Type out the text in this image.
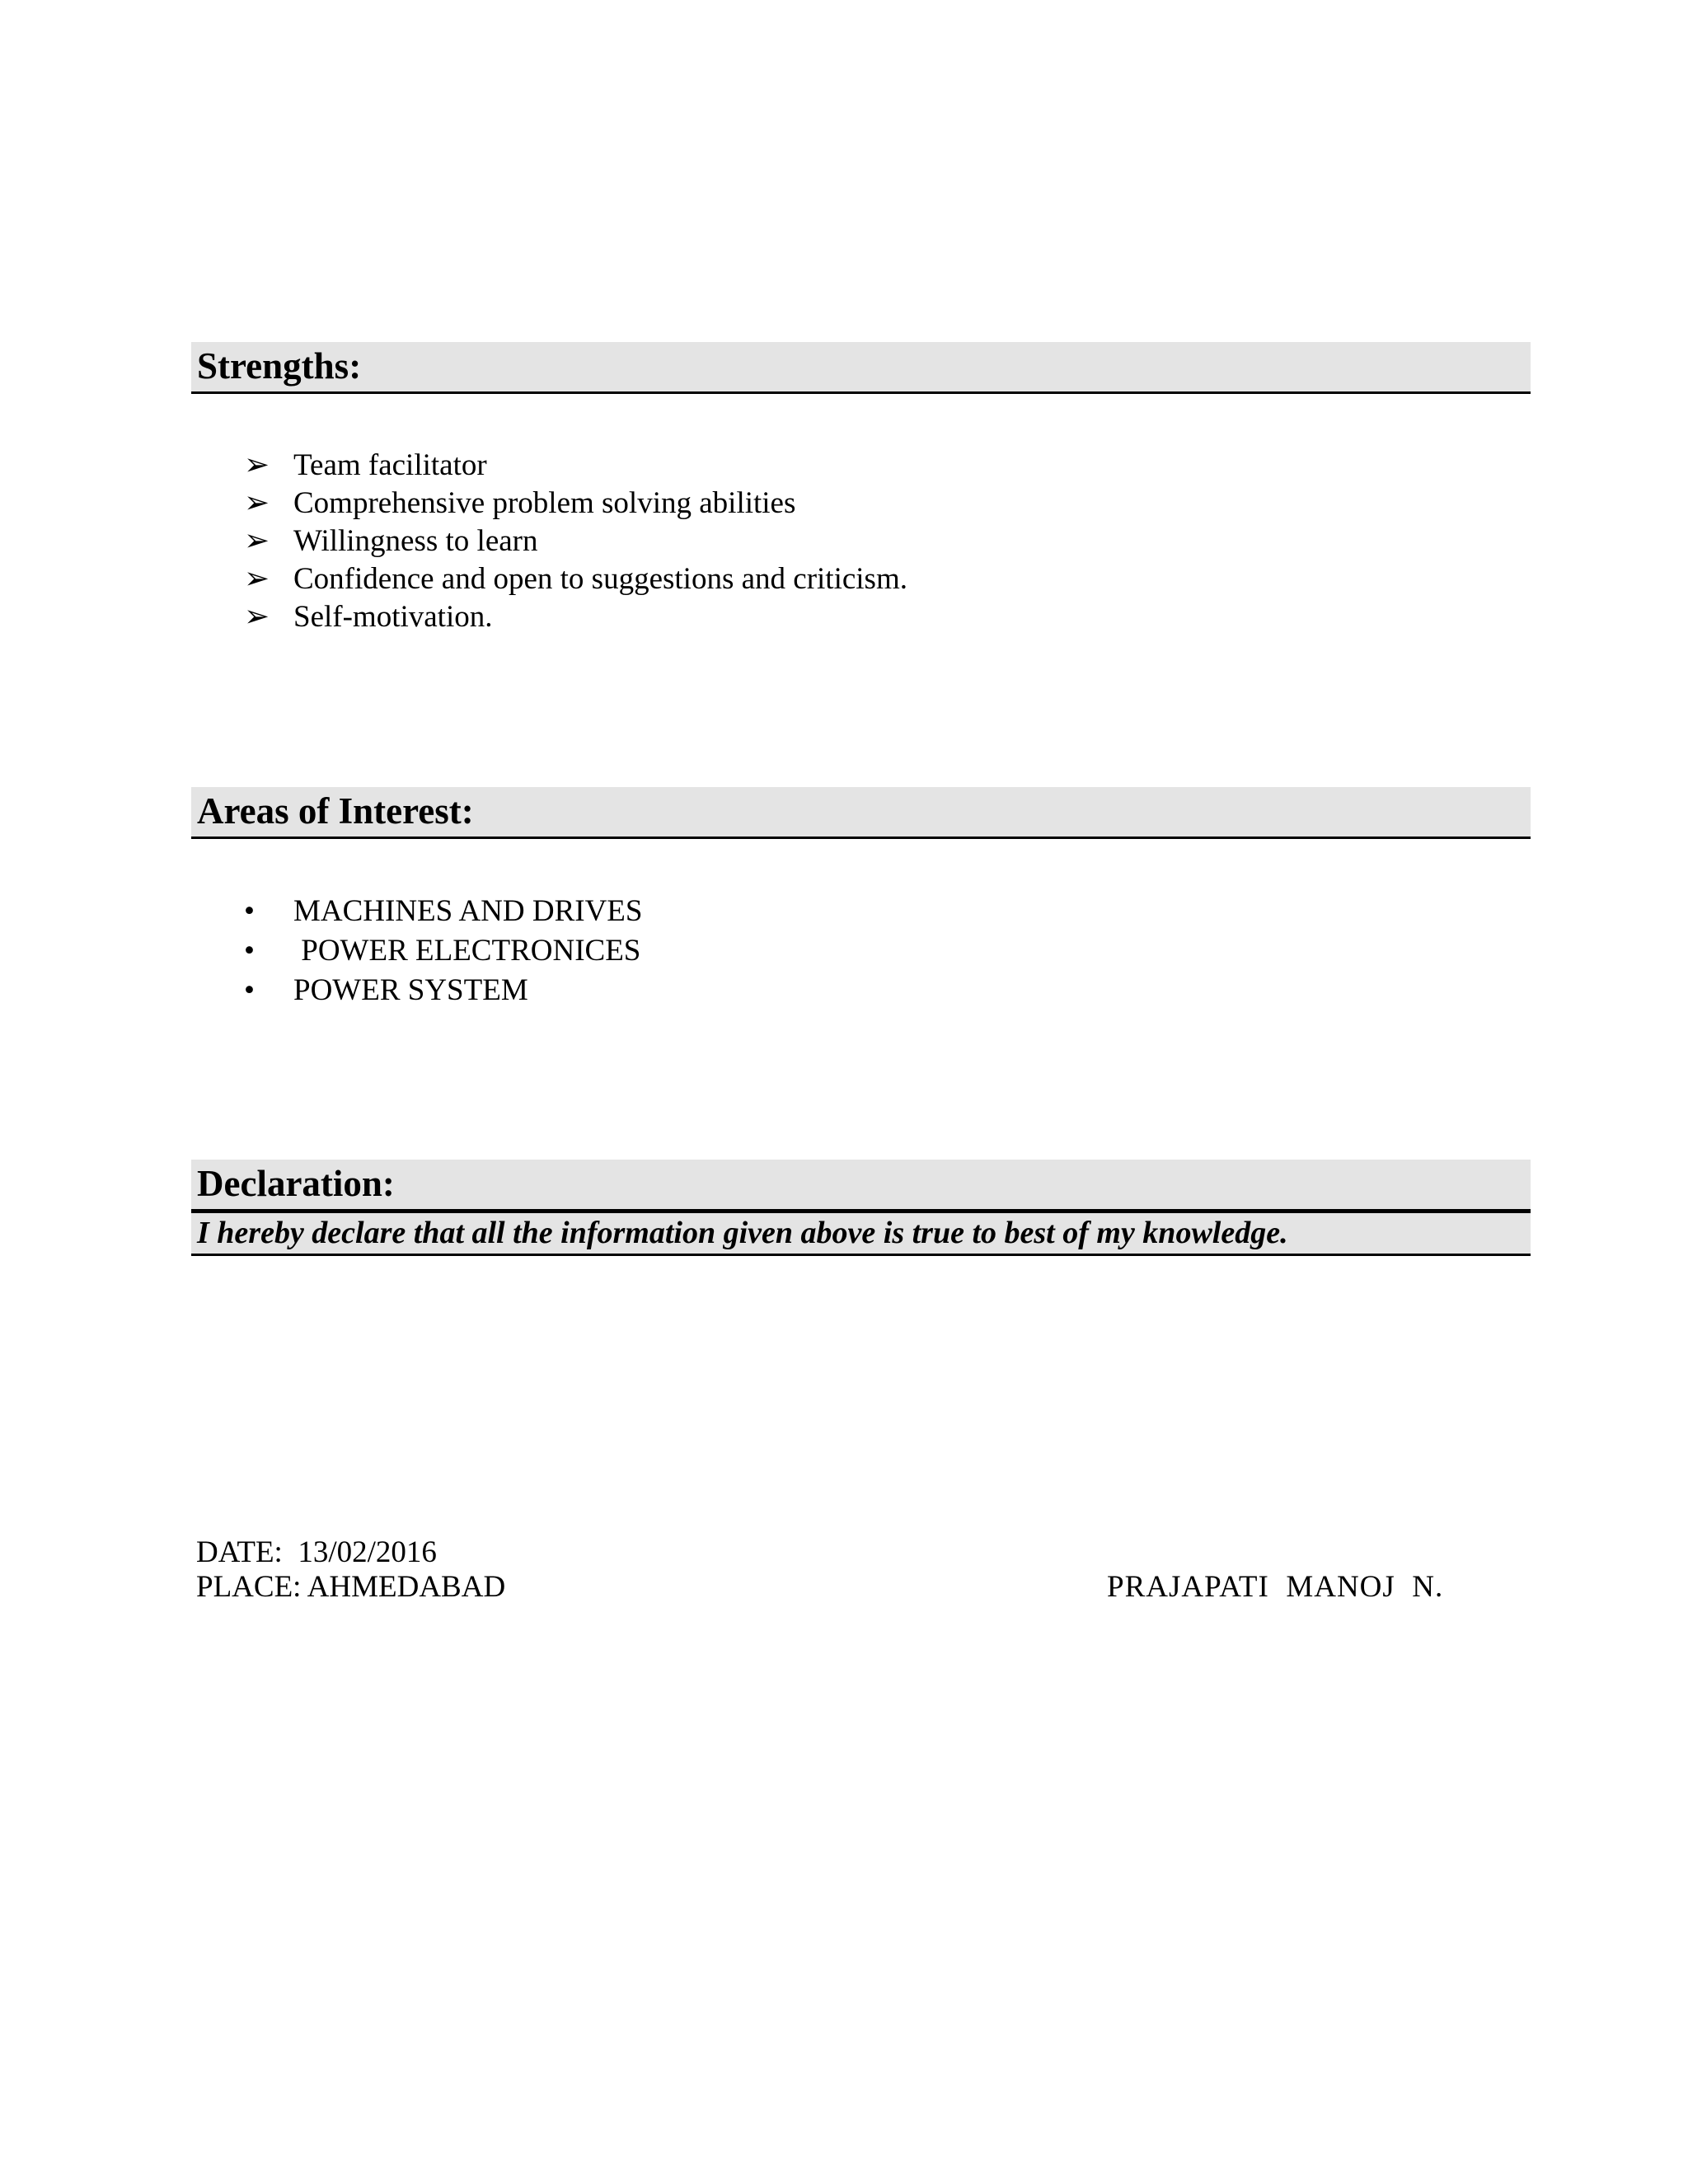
Strengths:
➢ Team facilitator
➢ Comprehensive problem solving abilities
➢ Willingness to learn
➢ Confidence and open to suggestions and criticism.
➢ Self-motivation.
Areas of Interest:
•	MACHINES AND DRIVES
•	POWER ELECTRONICES
•	POWER SYSTEM
Declaration:
I hereby declare that all the information given above is true to best of my knowledge.
DATE:  13/02/2016
PLACE: AHMEDABAD	PRAJAPATI  MANOJ  N.
